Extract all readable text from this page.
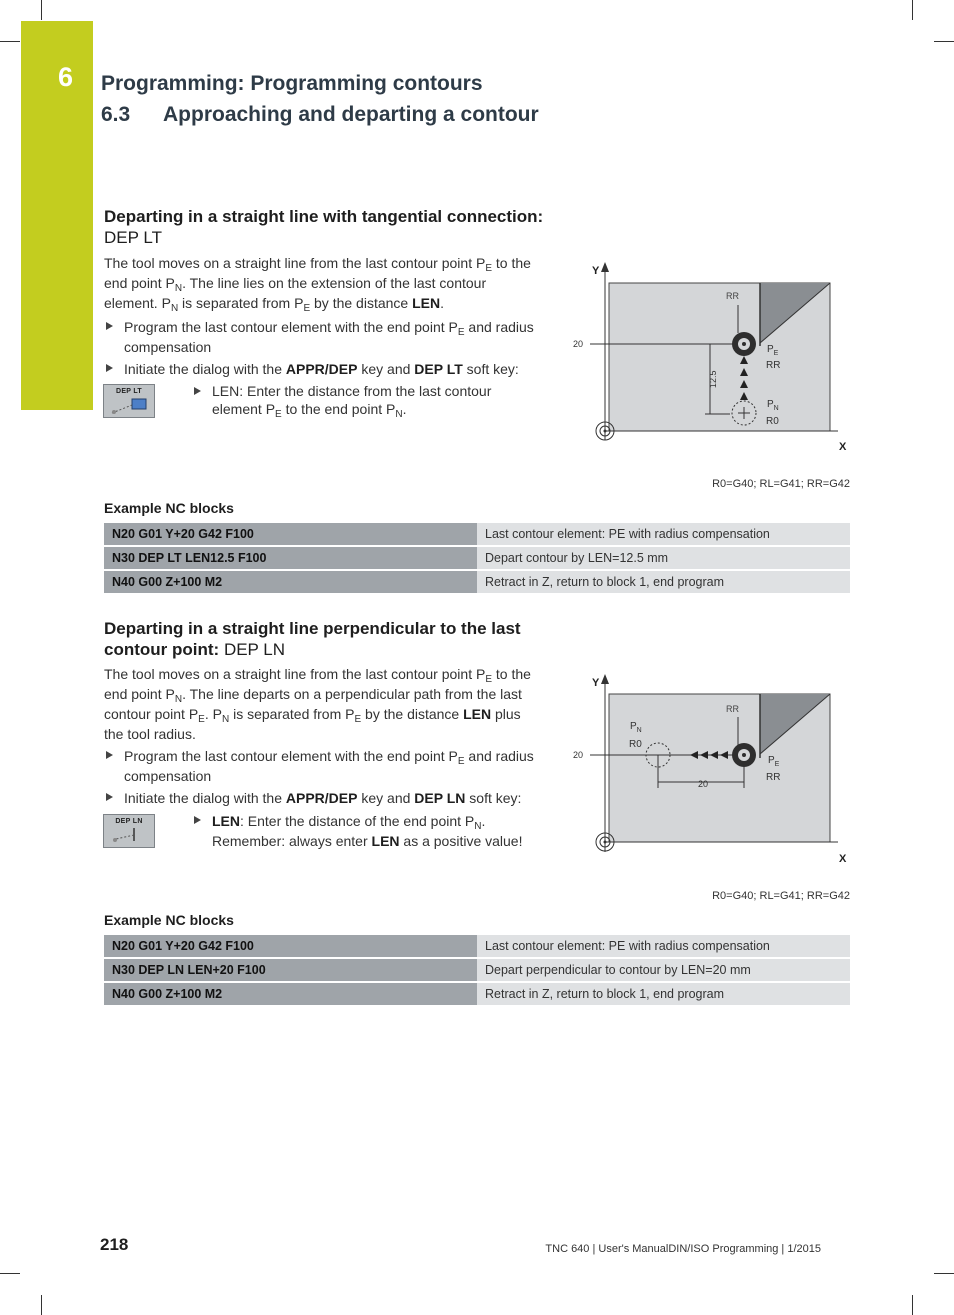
6 Programming: Programming contours
6.3 Approaching and departing a contour
Departing in a straight line with tangential connection: DEP LT
The tool moves on a straight line from the last contour point $P_E$ to the end point $P_N$. The line lies on the extension of the last contour element. $P_N$ is separated from $P_E$ by the distance LEN.
Program the last contour element with the end point $P_E$ and radius compensation
Initiate the dialog with the APPR/DEP key and DEP LT soft key:
DEP LT	LEN: Enter the distance from the last contour element $P_E$ to the end point $P_N$.
Y
X
RR
20
12.5
$P_E$
RR
$P_N$
R0
R0=G40; RL=G41; RR=G42
Example NC blocks
N20 G01 Y+20 G42 F100	Last contour element: PE with radius compensation
N30 DEP LT LEN12.5 F100	Depart contour by LEN=12.5 mm
N40 G00 Z+100 M2	Retract in Z, return to block 1, end program
Departing in a straight line perpendicular to the last contour point: DEP LN
The tool moves on a straight line from the last contour point $P_E$ to the end point $P_N$. The line departs on a perpendicular path from the last contour point $P_E$. $P_N$ is separated from $P_E$ by the distance LEN plus the tool radius.
Program the last contour element with the end point $P_E$ and radius compensation
Initiate the dialog with the APPR/DEP key and DEP LN soft key:
DEP LN	LEN: Enter the distance of the end point $P_N$. Remember: always enter LEN as a positive value!
Y
X
RR
20
20
$P_N$
R0
$P_E$
RR
R0=G40; RL=G41; RR=G42
Example NC blocks
N20 G01 Y+20 G42 F100	Last contour element: PE with radius compensation
N30 DEP LN LEN+20 F100	Depart perpendicular to contour by LEN=20 mm
N40 G00 Z+100 M2	Retract in Z, return to block 1, end program
218	TNC 640 | User's ManualDIN/ISO Programming | 1/2015
